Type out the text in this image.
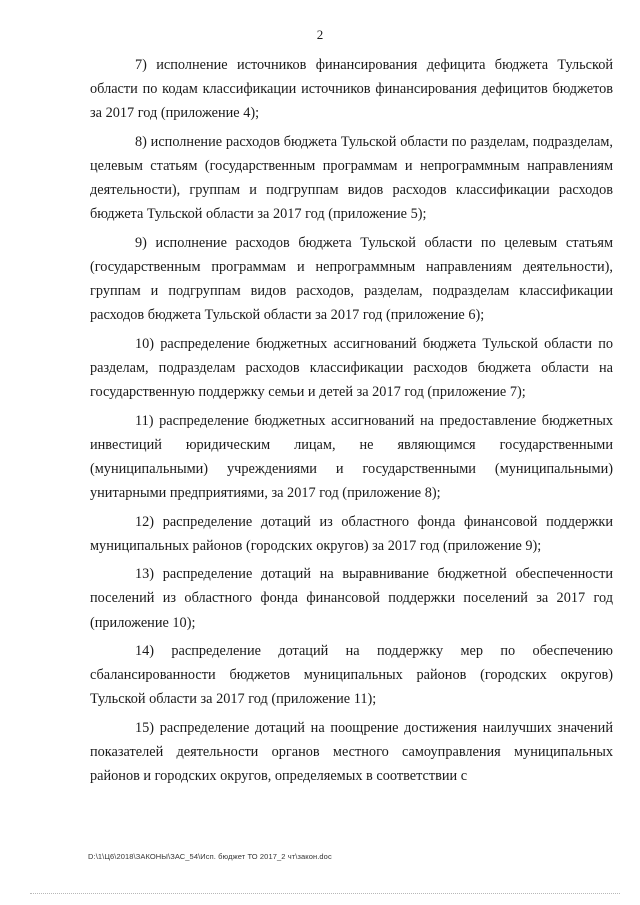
2

7) исполнение источников финансирования дефицита бюджета Тульской области по кодам классификации источников финансирования дефицитов бюджетов за 2017 год (приложение 4);

8) исполнение расходов бюджета Тульской области по разделам, подразделам, целевым статьям (государственным программам и непрограммным направлениям деятельности), группам и подгруппам видов расходов классификации расходов бюджета Тульской области за 2017 год (приложение 5);

9) исполнение расходов бюджета Тульской области по целевым статьям (государственным программам и непрограммным направлениям деятельности), группам и подгруппам видов расходов, разделам, подразделам классификации расходов бюджета Тульской области за 2017 год (приложение 6);

10) распределение бюджетных ассигнований бюджета Тульской области по разделам, подразделам расходов классификации расходов бюджета области на государственную поддержку семьи и детей за 2017 год (приложение 7);

11) распределение бюджетных ассигнований на предоставление бюджетных инвестиций юридическим лицам, не являющимся государственными (муниципальными) учреждениями и государственными (муниципальными) унитарными предприятиями, за 2017 год (приложение 8);

12) распределение дотаций из областного фонда финансовой поддержки муниципальных районов (городских округов) за 2017 год (приложение 9);

13) распределение дотаций на выравнивание бюджетной обеспеченности поселений из областного фонда финансовой поддержки поселений за 2017 год (приложение 10);

14) распределение дотаций на поддержку мер по обеспечению сбалансированности бюджетов муниципальных районов (городских округов) Тульской области за 2017 год (приложение 11);

15) распределение дотаций на поощрение достижения наилучших значений показателей деятельности органов местного самоуправления муниципальных районов и городских округов, определяемых в соответствии с

D:\1\Ц6\2018\ЗАКОНЫ\ЗАС_54\Исп. бюджет ТО 2017_2 чт\закон.doc
